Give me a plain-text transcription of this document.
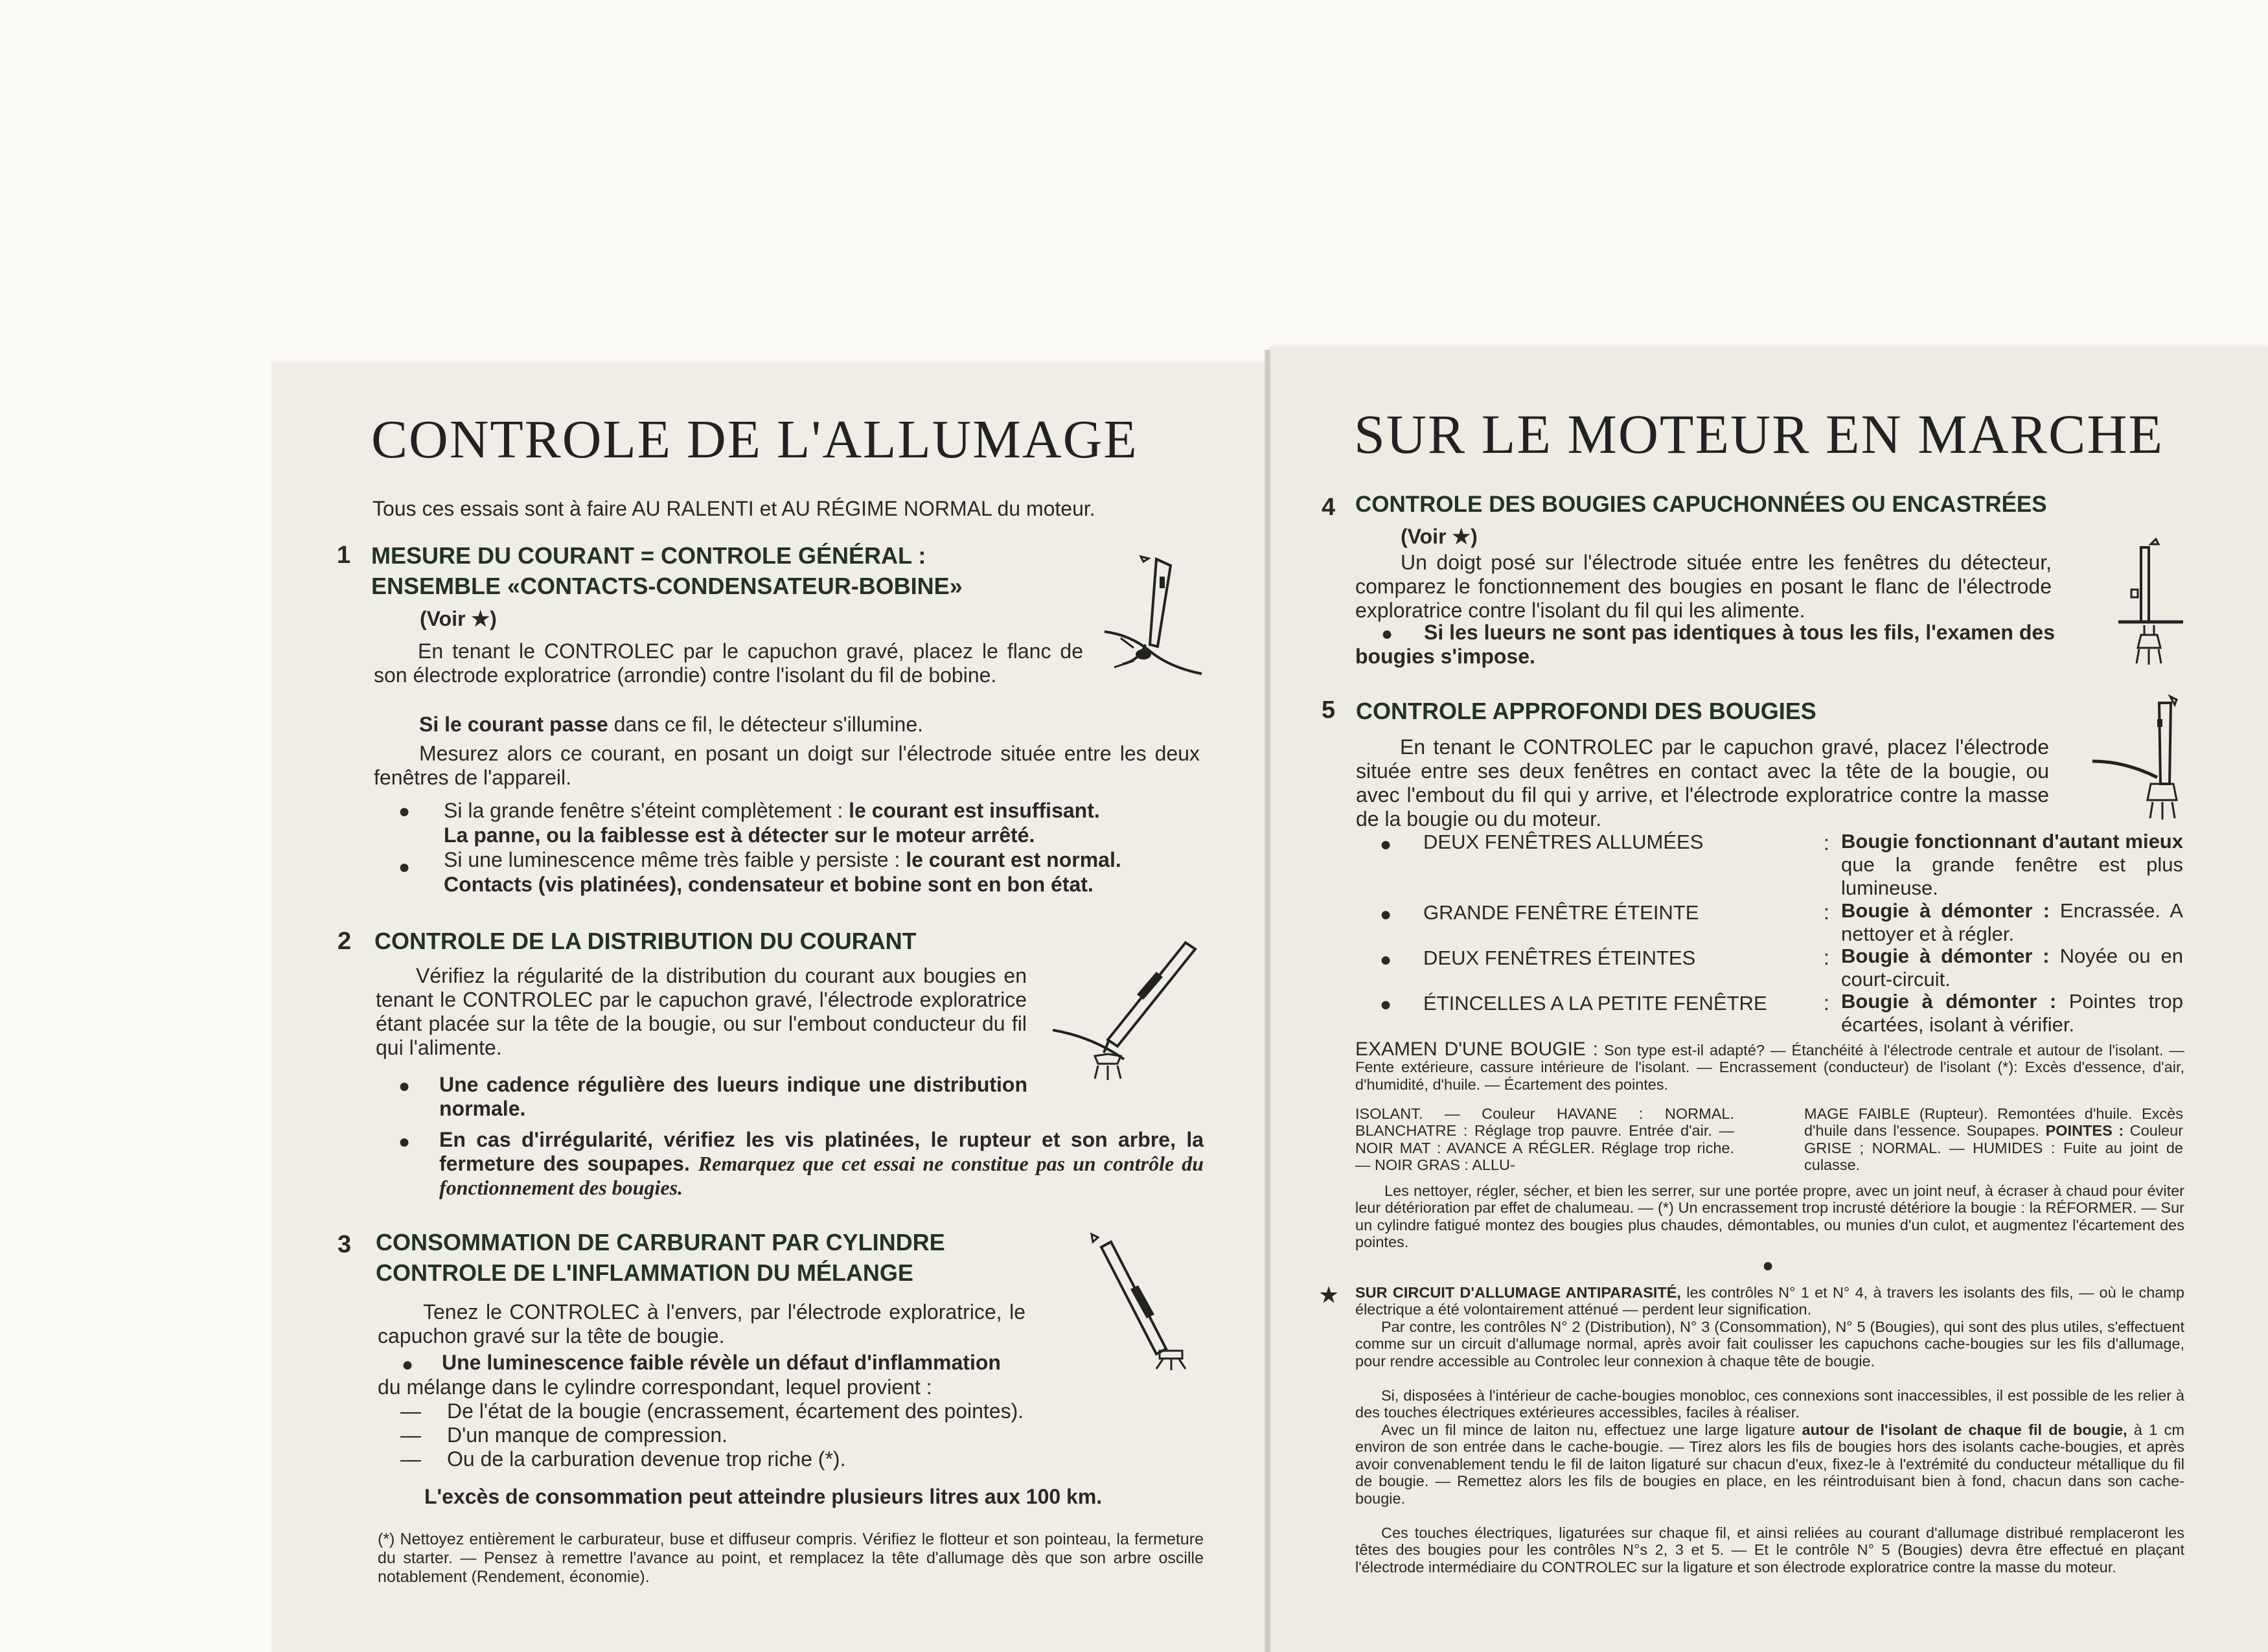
CONTROLE DE L'ALLUMAGE
Tous ces essais sont à faire AU RALENTI et AU RÉGIME NORMAL du moteur.
1 MESURE DU COURANT = CONTROLE GÉNÉRAL :
ENSEMBLE «CONTACTS-CONDENSATEUR-BOBINE»
(Voir ★)
En tenant le CONTROLEC par le capuchon gravé, placez le flanc de son électrode exploratrice (arrondie) contre l'isolant du fil de bobine.
Si le courant passe dans ce fil, le détecteur s'illumine.
Mesurez alors ce courant, en posant un doigt sur l'électrode située entre les deux fenêtres de l'appareil.
● Si la grande fenêtre s'éteint complètement : le courant est insuffisant.
La panne, ou la faiblesse est à détecter sur le moteur arrêté.
● Si une luminescence même très faible y persiste : le courant est normal.
Contacts (vis platinées), condensateur et bobine sont en bon état.
2 CONTROLE DE LA DISTRIBUTION DU COURANT
Vérifiez la régularité de la distribution du courant aux bougies en tenant le CONTROLEC par le capuchon gravé, l'électrode exploratrice étant placée sur la tête de la bougie, ou sur l'embout conducteur du fil qui l'alimente.
● Une cadence régulière des lueurs indique une distribution normale.
● En cas d'irrégularité, vérifiez les vis platinées, le rupteur et son arbre, la fermeture des soupapes. Remarquez que cet essai ne constitue pas un contrôle du fonctionnement des bougies.
3 CONSOMMATION DE CARBURANT PAR CYLINDRE
CONTROLE DE L'INFLAMMATION DU MÉLANGE
Tenez le CONTROLEC à l'envers, par l'électrode exploratrice, le capuchon gravé sur la tête de bougie.
● Une luminescence faible révèle un défaut d'inflammation
du mélange dans le cylindre correspondant, lequel provient :
— De l'état de la bougie (encrassement, écartement des pointes).
— D'un manque de compression.
— Ou de la carburation devenue trop riche (*).
L'excès de consommation peut atteindre plusieurs litres aux 100 km.
(*) Nettoyez entièrement le carburateur, buse et diffuseur compris. Vérifiez le flotteur et son pointeau, la fermeture du starter. — Pensez à remettre l'avance au point, et remplacez la tête d'allumage dès que son arbre oscille notablement (Rendement, économie).
SUR LE MOTEUR EN MARCHE
4 CONTROLE DES BOUGIES CAPUCHONNÉES OU ENCASTRÉES
(Voir ★)
Un doigt posé sur l'électrode située entre les fenêtres du détecteur, comparez le fonctionnement des bougies en posant le flanc de l'électrode exploratrice contre l'isolant du fil qui les alimente.
●	Si les lueurs ne sont pas identiques à tous les fils, l'examen des bougies s'impose.
5 CONTROLE APPROFONDI DES BOUGIES
En tenant le CONTROLEC par le capuchon gravé, placez l'électrode située entre ses deux fenêtres en contact avec la tête de la bougie, ou avec l'embout du fil qui y arrive, et l'électrode exploratrice contre la masse de la bougie ou du moteur.
● DEUX FENÊTRES ALLUMÉES	: Bougie fonctionnant d'autant mieux que la grande fenêtre est plus lumineuse.
● GRANDE FENÊTRE ÉTEINTE	: Bougie à démonter : Encrassée. A nettoyer et à régler.
● DEUX FENÊTRES ÉTEINTES	: Bougie à démonter : Noyée ou en court-circuit.
● ÉTINCELLES A LA PETITE FENÊTRE	: Bougie à démonter : Pointes trop écartées, isolant à vérifier.
EXAMEN D'UNE BOUGIE : Son type est-il adapté? — Étanchéité à l'électrode centrale et autour de l'isolant. — Fente extérieure, cassure intérieure de l'isolant. — Encrassement (conducteur) de l'isolant (*): Excès d'essence, d'air, d'humidité, d'huile. — Écartement des pointes.
ISOLANT. — Couleur HAVANE : NORMAL. BLANCHATRE : Réglage trop pauvre. Entrée d'air. — NOIR MAT : AVANCE A RÉGLER. Réglage trop riche. — NOIR GRAS : ALLU-
MAGE FAIBLE (Rupteur). Remontées d'huile. Excès d'huile dans l'essence. Soupapes. POINTES : Couleur GRISE ; NORMAL. — HUMIDES : Fuite au joint de culasse.
Les nettoyer, régler, sécher, et bien les serrer, sur une portée propre, avec un joint neuf, à écraser à chaud pour éviter leur détérioration par effet de chalumeau. — (*) Un encrassement trop incrusté détériore la bougie : la RÉFORMER. — Sur un cylindre fatigué montez des bougies plus chaudes, démontables, ou munies d'un culot, et augmentez l'écartement des pointes.
●
★ SUR CIRCUIT D'ALLUMAGE ANTIPARASITÉ, les contrôles N° 1 et N° 4, à travers les isolants des fils, — où le champ électrique a été volontairement atténué — perdent leur signification.
Par contre, les contrôles N° 2 (Distribution), N° 3 (Consommation), N° 5 (Bougies), qui sont des plus utiles, s'effectuent comme sur un circuit d'allumage normal, après avoir fait coulisser les capuchons cache-bougies sur les fils d'allumage, pour rendre accessible au Controlec leur connexion à chaque tête de bougie.
Si, disposées à l'intérieur de cache-bougies monobloc, ces connexions sont inaccessibles, il est possible de les relier à des touches électriques extérieures accessibles, faciles à réaliser.
Avec un fil mince de laiton nu, effectuez une large ligature autour de l'isolant de chaque fil de bougie, à 1 cm environ de son entrée dans le cache-bougie. — Tirez alors les fils de bougies hors des isolants cache-bougies, et après avoir convenablement tendu le fil de laiton ligaturé sur chacun d'eux, fixez-le à l'extrémité du conducteur métallique du fil de bougie. — Remettez alors les fils de bougies en place, en les réintroduisant bien à fond, chacun dans son cache-bougie.
Ces touches électriques, ligaturées sur chaque fil, et ainsi reliées au courant d'allumage distribué remplaceront les têtes des bougies pour les contrôles N°s 2, 3 et 5. — Et le contrôle N° 5 (Bougies) devra être effectué en plaçant l'électrode intermédiaire du CONTROLEC sur la ligature et son électrode exploratrice contre la masse du moteur.
